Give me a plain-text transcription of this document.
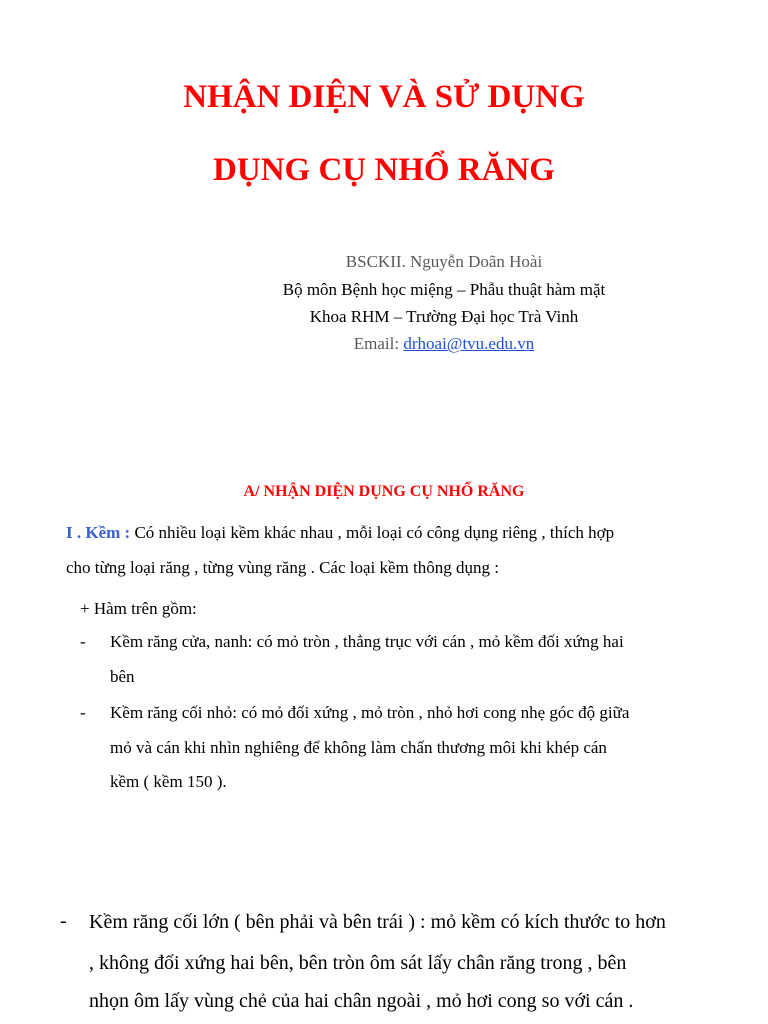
NHẬN DIỆN VÀ SỬ DỤNG
DỤNG CỤ NHỔ RĂNG

BSCKII. Nguyễn Doãn Hoài

Bộ môn Bệnh học miệng – Phẫu thuật hàm mặt

Khoa RHM – Trường Đại học Trà Vinh

Email: drhoai@tvu.edu.vn

A/ NHẬN DIỆN DỤNG CỤ NHỔ RĂNG

I . Kềm : Có nhiều loại kềm khác nhau , mỗi loại có công dụng riêng , thích hợp

cho từng loại răng , từng vùng răng . Các loại kềm thông dụng :

+ Hàm trên gồm:

- Kềm răng cửa, nanh: có mỏ tròn , thẳng trục với cán , mỏ kềm đối xứng hai

bên

- Kềm răng cối nhỏ: có mỏ đối xứng , mỏ tròn , nhỏ hơi cong nhẹ góc độ giữa

mỏ và cán khi nhìn nghiêng để không làm chấn thương môi khi khép cán

kềm ( kềm 150 ).

- Kềm răng cối lớn ( bên phải và bên trái ) : mỏ kềm có kích thước to hơn

, không đối xứng hai bên, bên tròn ôm sát lấy chân răng trong , bên

nhọn ôm lấy vùng chẻ của hai chân ngoài , mỏ hơi cong so với cán .
